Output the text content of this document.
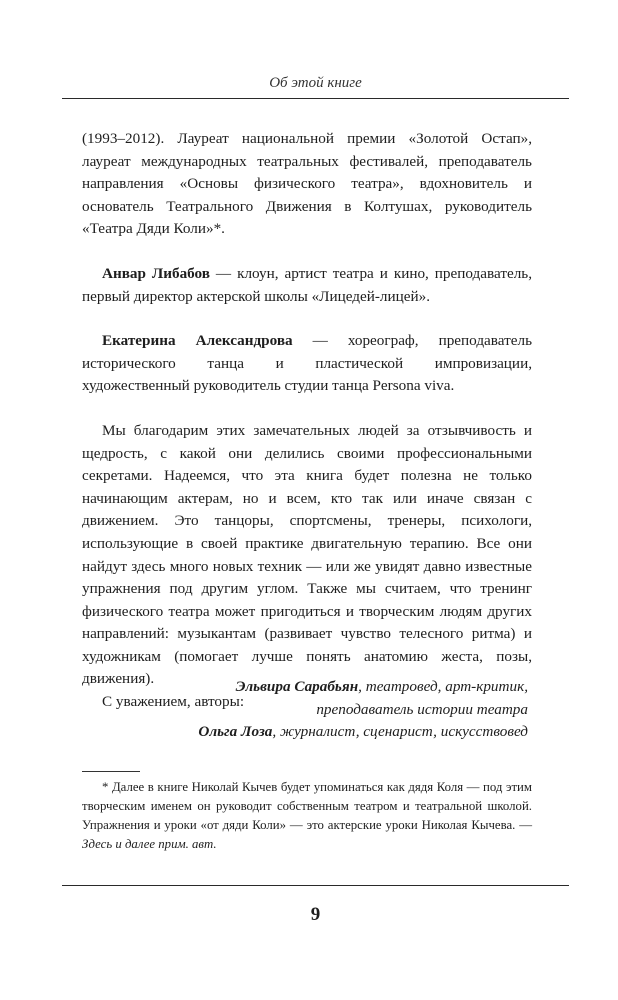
Об этой книге

(1993–2012). Лауреат национальной премии «Золотой Остап», лауреат международных театральных фестивалей, преподаватель направления «Основы физического театра», вдохновитель и основатель Театрального Движения в Колтушах, руководитель «Театра Дяди Коли»*.

Анвар Либабов — клоун, артист театра и кино, преподаватель, первый директор актерской школы «Лицедей-лицей».

Екатерина Александрова — хореограф, преподаватель исторического танца и пластической импровизации, художественный руководитель студии танца Persona viva.

Мы благодарим этих замечательных людей за отзывчивость и щедрость, с какой они делились своими профессиональными секретами. Надеемся, что эта книга будет полезна не только начинающим актерам, но и всем, кто так или иначе связан с движением. Это танцоры, спортсмены, тренеры, психологи, использующие в своей практике двигательную терапию. Все они найдут здесь много новых техник — или же увидят давно известные упражнения под другим углом. Также мы считаем, что тренинг физического театра может пригодиться и творческим людям других направлений: музыкантам (развивает чувство телесного ритма) и художникам (помогает лучше понять анатомию жеста, позы, движения).

С уважением, авторы:

Эльвира Сарабьян, театровед, арт-критик,

преподаватель истории театра

Ольга Лоза, журналист, сценарист, искусствовед

* Далее в книге Николай Кычев будет упоминаться как дядя Коля — под этим творческим именем он руководит собственным театром и театральной школой. Упражнения и уроки «от дяди Коли» — это актерские уроки Николая Кычева. — Здесь и далее прим. авт.

9
